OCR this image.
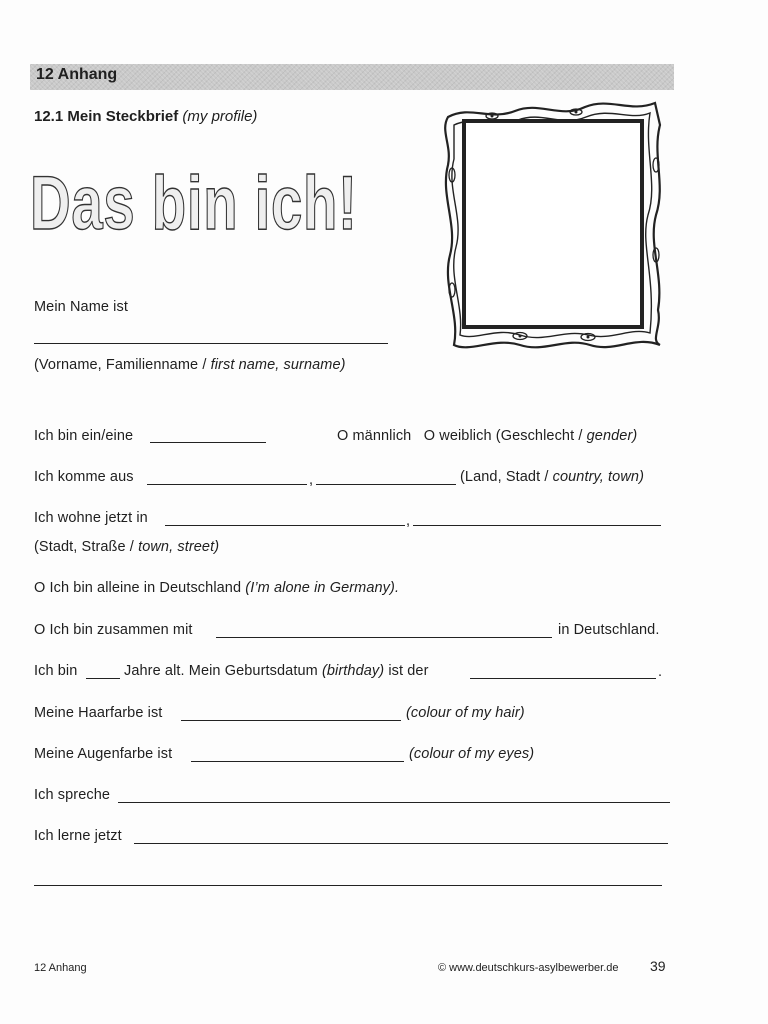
12 Anhang
12.1 Mein Steckbrief (my profile)
Das bin ich!
Mein Name ist
(Vorname, Familienname / first name, surname)
Ich bin ein/eine	O männlich O weiblich (Geschlecht / gender)
Ich komme aus	,	(Land, Stadt / country, town)
Ich wohne jetzt in	,
(Stadt, Straße / town, street)
O Ich bin alleine in Deutschland (I’m alone in Germany).
O Ich bin zusammen mit	in Deutschland.
Ich bin	Jahre alt. Mein Geburtsdatum (birthday) ist der	.
Meine Haarfarbe ist	(colour of my hair)
Meine Augenfarbe ist	(colour of my eyes)
Ich spreche
Ich lerne jetzt
12 Anhang	© www.deutschkurs-asylbewerber.de 39
